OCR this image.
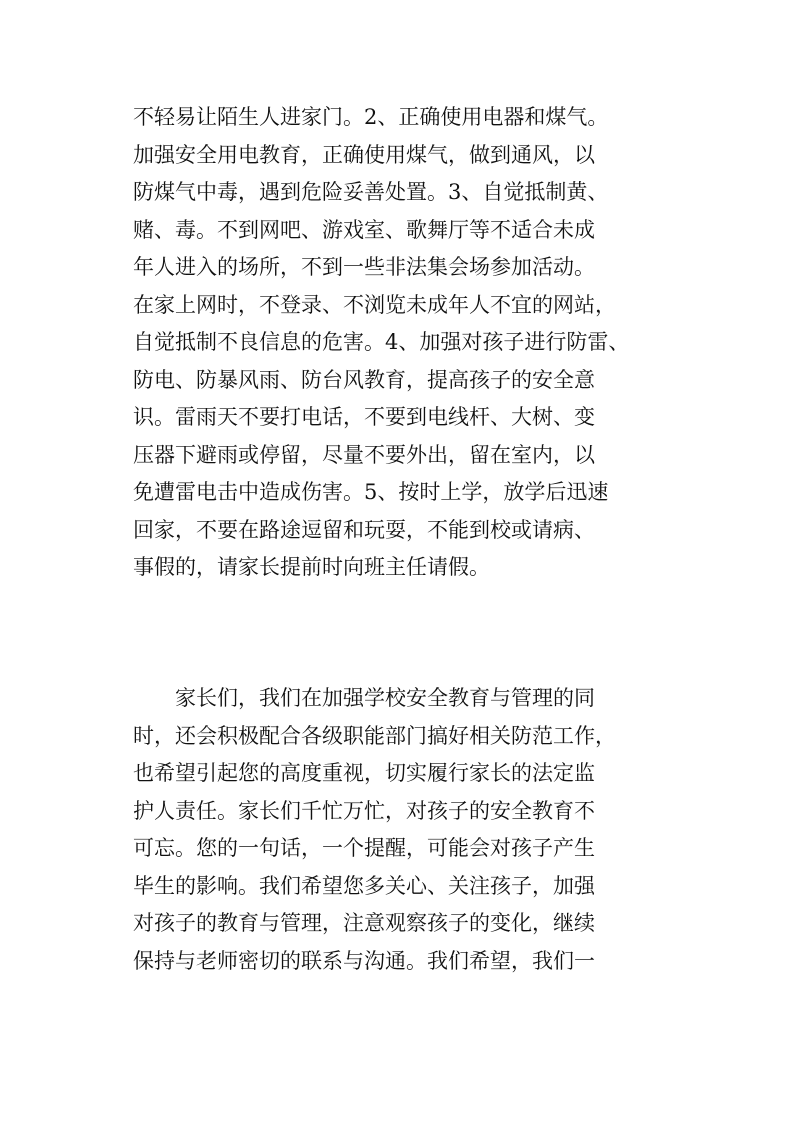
不轻易让陌生人进家门。2、正确使用电器和煤气。
加强安全用电教育，正确使用煤气，做到通风，以
防煤气中毒，遇到危险妥善处置。3、自觉抵制黄、
赌、毒。不到网吧、游戏室、歌舞厅等不适合未成
年人进入的场所，不到一些非法集会场参加活动。
在家上网时，不登录、不浏览未成年人不宜的网站，
自觉抵制不良信息的危害。4、加强对孩子进行防雷、
防电、防暴风雨、防台风教育，提高孩子的安全意
识。雷雨天不要打电话，不要到电线杆、大树、变
压器下避雨或停留，尽量不要外出，留在室内，以
免遭雷电击中造成伤害。5、按时上学，放学后迅速
回家，不要在路途逗留和玩耍，不能到校或请病、
事假的，请家长提前时向班主任请假。
　　家长们，我们在加强学校安全教育与管理的同
时，还会积极配合各级职能部门搞好相关防范工作，
也希望引起您的高度重视，切实履行家长的法定监
护人责任。家长们千忙万忙，对孩子的安全教育不
可忘。您的一句话，一个提醒，可能会对孩子产生
毕生的影响。我们希望您多关心、关注孩子，加强
对孩子的教育与管理，注意观察孩子的变化，继续
保持与老师密切的联系与沟通。我们希望，我们一
